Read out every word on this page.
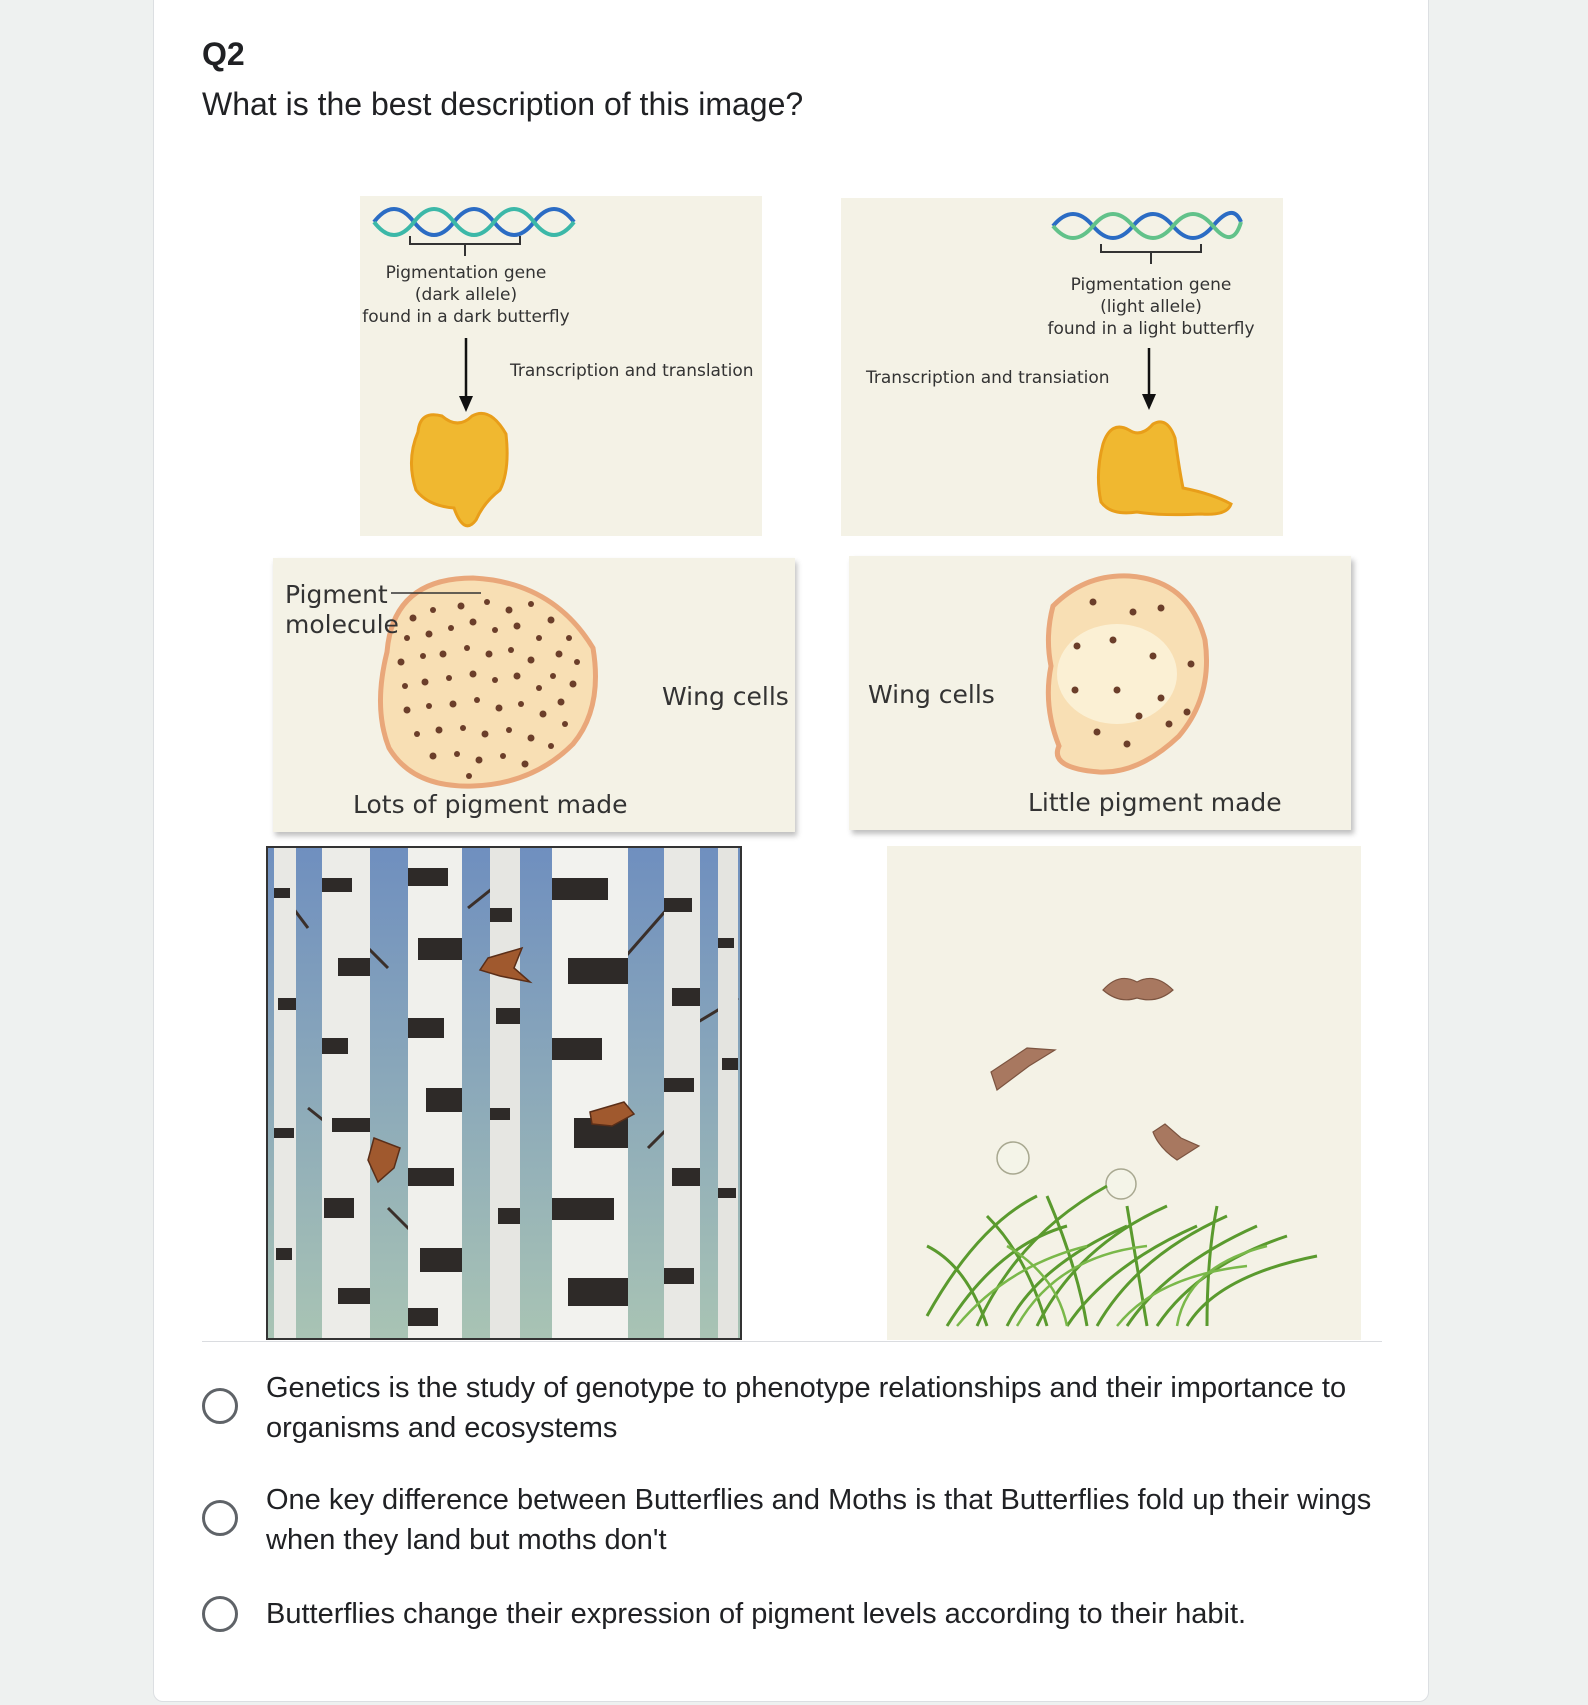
Q2
What is the best description of this image?
Pigmentation gene
(dark allele)
found in a dark butterfly
Transcription and translation
Pigmentation gene
(light allele)
found in a light butterfly
Transcription and transiation
Pigment
molecule
Wing cells
Lots of pigment made
Wing cells
Little pigment made
Genetics is the study of genotype to phenotype relationships and their importance to organisms and ecosystems
One key difference between Butterflies and Moths is that Butterflies fold up their wings when they land but moths don't
Butterflies change their expression of pigment levels according to their habit.
